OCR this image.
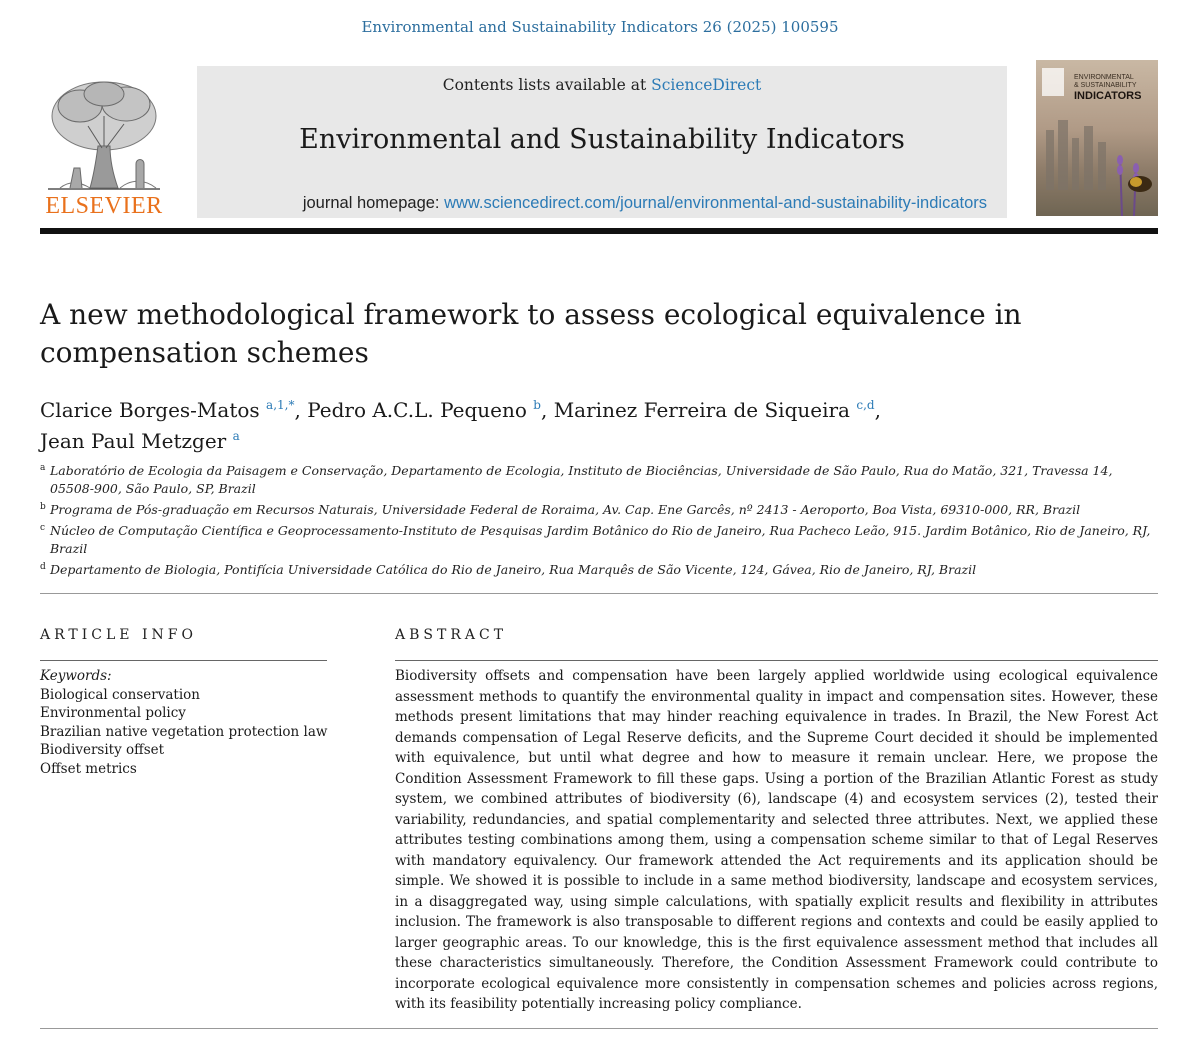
Environmental and Sustainability Indicators 26 (2025) 100595
ELSEVIER
Contents lists available at ScienceDirect
Environmental and Sustainability Indicators
journal homepage: www.sciencedirect.com/journal/environmental-and-sustainability-indicators
ENVIRONMENTAL
& SUSTAINABILITY
INDICATORS
A new methodological framework to assess ecological equivalence in compensation schemes
Clarice Borges-Matos $^{a,1,*}$, Pedro A.C.L. Pequeno $^b$, Marinez Ferreira de Siqueira $^{c,d}$,
Jean Paul Metzger $^a$
a Laboratório de Ecologia da Paisagem e Conservação, Departamento de Ecologia, Instituto de Biociências, Universidade de São Paulo, Rua do Matão, 321, Travessa 14, 05508-900, São Paulo, SP, Brazil
b Programa de Pós-graduação em Recursos Naturais, Universidade Federal de Roraima, Av. Cap. Ene Garcês, nº 2413 - Aeroporto, Boa Vista, 69310-000, RR, Brazil
c Núcleo de Computação Científica e Geoprocessamento-Instituto de Pesquisas Jardim Botânico do Rio de Janeiro, Rua Pacheco Leão, 915. Jardim Botânico, Rio de Janeiro, RJ, Brazil
d Departamento de Biologia, Pontifícia Universidade Católica do Rio de Janeiro, Rua Marquês de São Vicente, 124, Gávea, Rio de Janeiro, RJ, Brazil
ARTICLE INFO
Keywords:
Biological conservation
Environmental policy
Brazilian native vegetation protection law
Biodiversity offset
Offset metrics
ABSTRACT

Biodiversity offsets and compensation have been largely applied worldwide using ecological equivalence assessment methods to quantify the environmental quality in impact and compensation sites. However, these methods present limitations that may hinder reaching equivalence in trades. In Brazil, the New Forest Act demands compensation of Legal Reserve deficits, and the Supreme Court decided it should be implemented with equivalence, but until what degree and how to measure it remain unclear. Here, we propose the Condition Assessment Framework to fill these gaps. Using a portion of the Brazilian Atlantic Forest as study system, we combined attributes of biodiversity (6), landscape (4) and ecosystem services (2), tested their variability, redundancies, and spatial complementarity and selected three attributes. Next, we applied these attributes testing combinations among them, using a compensation scheme similar to that of Legal Reserves with mandatory equivalency. Our framework attended the Act requirements and its application should be simple. We showed it is possible to include in a same method biodiversity, landscape and ecosystem services, in a disaggregated way, using simple calculations, with spatially explicit results and flexibility in attributes inclusion. The framework is also transposable to different regions and contexts and could be easily applied to larger geographic areas. To our knowledge, this is the first equivalence assessment method that includes all these characteristics simultaneously. Therefore, the Condition Assessment Framework could contribute to incorporate ecological equivalence more consistently in compensation schemes and policies across regions, with its feasibility potentially increasing policy compliance.
